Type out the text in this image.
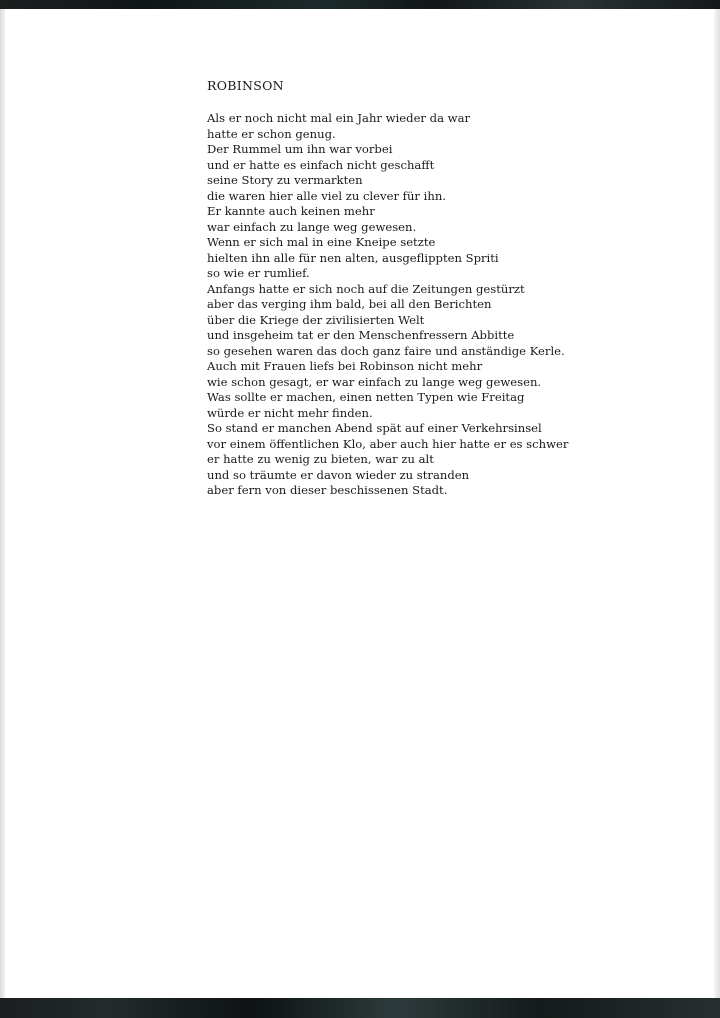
ROBINSON
Als er noch nicht mal ein Jahr wieder da war
hatte er schon genug.
Der Rummel um ihn war vorbei
und er hatte es einfach nicht geschafft
seine Story zu vermarkten
die waren hier alle viel zu clever für ihn.
Er kannte auch keinen mehr
war einfach zu lange weg gewesen.
Wenn er sich mal in eine Kneipe setzte
hielten ihn alle für nen alten, ausgeflippten Spriti
so wie er rumlief.
Anfangs hatte er sich noch auf die Zeitungen gestürzt
aber das verging ihm bald, bei all den Berichten
über die Kriege der zivilisierten Welt
und insgeheim tat er den Menschenfressern Abbitte
so gesehen waren das doch ganz faire und anständige Kerle.
Auch mit Frauen liefs bei Robinson nicht mehr
wie schon gesagt, er war einfach zu lange weg gewesen.
Was sollte er machen, einen netten Typen wie Freitag
würde er nicht mehr finden.
So stand er manchen Abend spät auf einer Verkehrsinsel
vor einem öffentlichen Klo, aber auch hier hatte er es schwer
er hatte zu wenig zu bieten, war zu alt
und so träumte er davon wieder zu stranden
aber fern von dieser beschissenen Stadt.
